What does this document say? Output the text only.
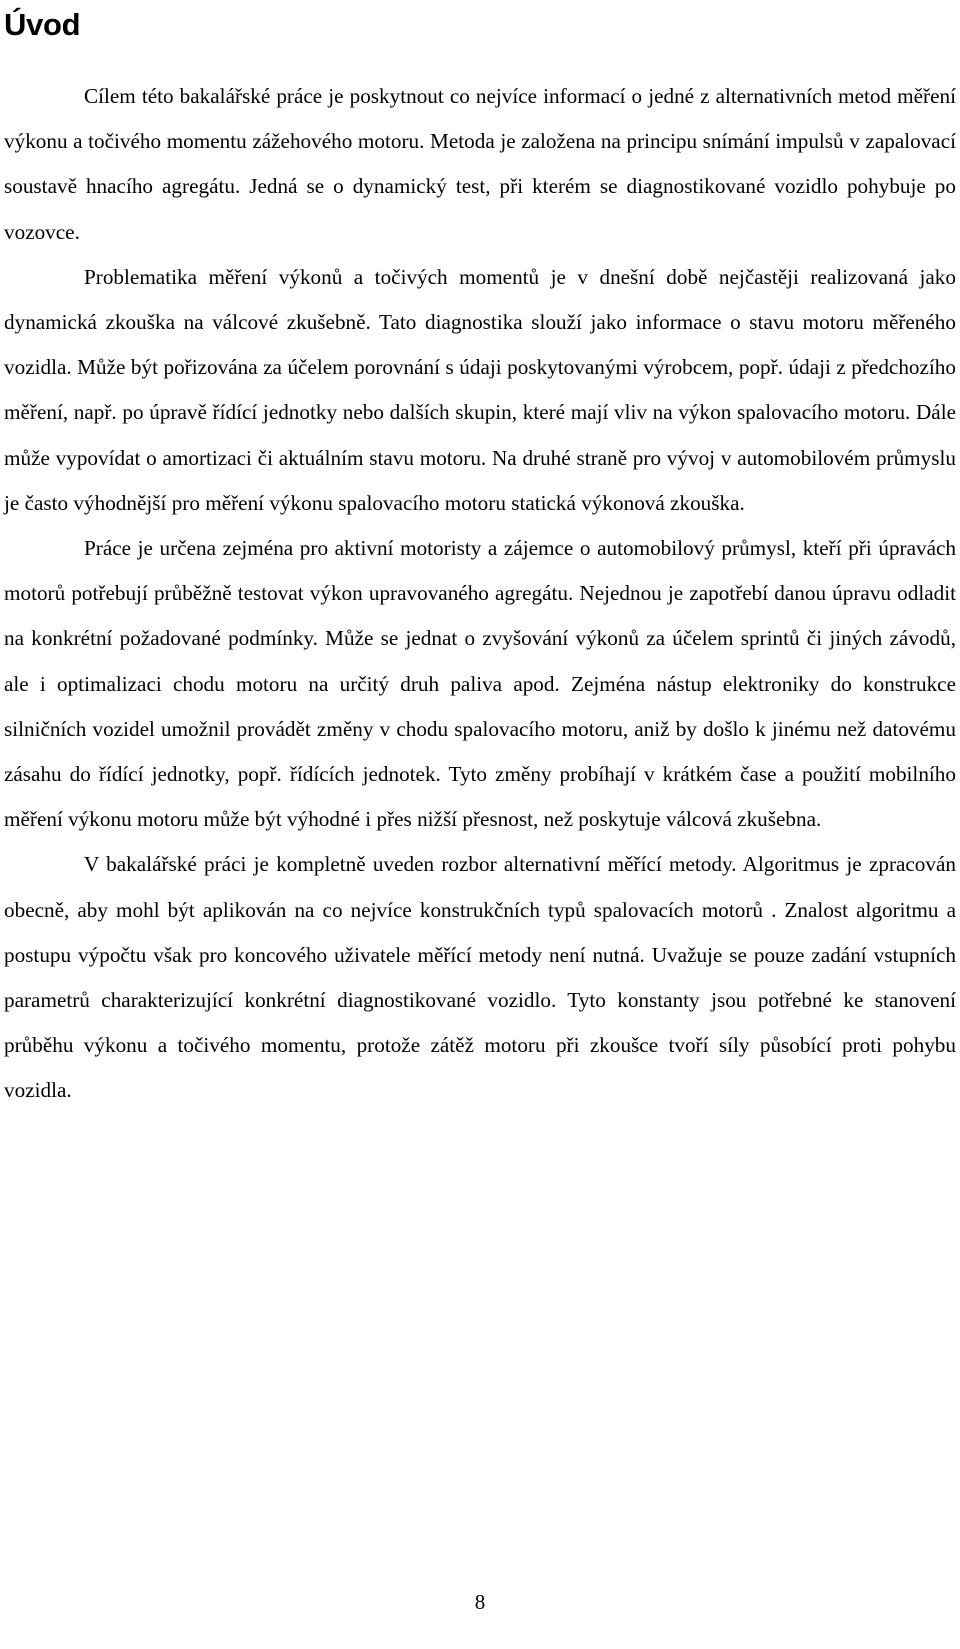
Úvod

Cílem této bakalářské práce je poskytnout co nejvíce informací o jedné z alternativních metod měření výkonu a točivého momentu zážehového motoru. Metoda je založena na principu snímání impulsů v zapalovací soustavě hnacího agregátu. Jedná se o dynamický test, při kterém se diagnostikované vozidlo pohybuje po vozovce.

Problematika měření výkonů a točivých momentů je v dnešní době nejčastěji realizovaná jako dynamická zkouška na válcové zkušebně. Tato diagnostika slouží jako informace o stavu motoru měřeného vozidla. Může být pořizována za účelem porovnání s údaji poskytovanými výrobcem, popř. údaji z předchozího měření, např. po úpravě řídící jednotky nebo dalších skupin, které mají vliv na výkon spalovacího motoru. Dále může vypovídat o amortizaci či aktuálním stavu motoru. Na druhé straně pro vývoj v automobilovém průmyslu je často výhodnější pro měření výkonu spalovacího motoru statická výkonová zkouška.

Práce je určena zejména pro aktivní motoristy a zájemce o automobilový průmysl, kteří při úpravách motorů potřebují průběžně testovat výkon upravovaného agregátu. Nejednou je zapotřebí danou úpravu odladit na konkrétní požadované podmínky. Může se jednat o zvyšování výkonů za účelem sprintů či jiných závodů, ale i optimalizaci chodu motoru na určitý druh paliva apod. Zejména nástup elektroniky do konstrukce silničních vozidel umožnil provádět změny v chodu spalovacího motoru, aniž by došlo k jinému než datovému zásahu do řídící jednotky, popř. řídících jednotek. Tyto změny probíhají v krátkém čase a použití mobilního měření výkonu motoru může být výhodné i přes nižší přesnost, než poskytuje válcová zkušebna.

V bakalářské práci je kompletně uveden rozbor alternativní měřící metody. Algoritmus je zpracován obecně, aby mohl být aplikován na co nejvíce konstrukčních typů spalovacích motorů . Znalost algoritmu a postupu výpočtu však pro koncového uživatele měřící metody není nutná. Uvažuje se pouze zadání vstupních parametrů charakterizující konkrétní diagnostikované vozidlo. Tyto konstanty jsou potřebné ke stanovení průběhu výkonu a točivého momentu, protože zátěž motoru při zkoušce tvoří síly působící proti pohybu vozidla.

8
